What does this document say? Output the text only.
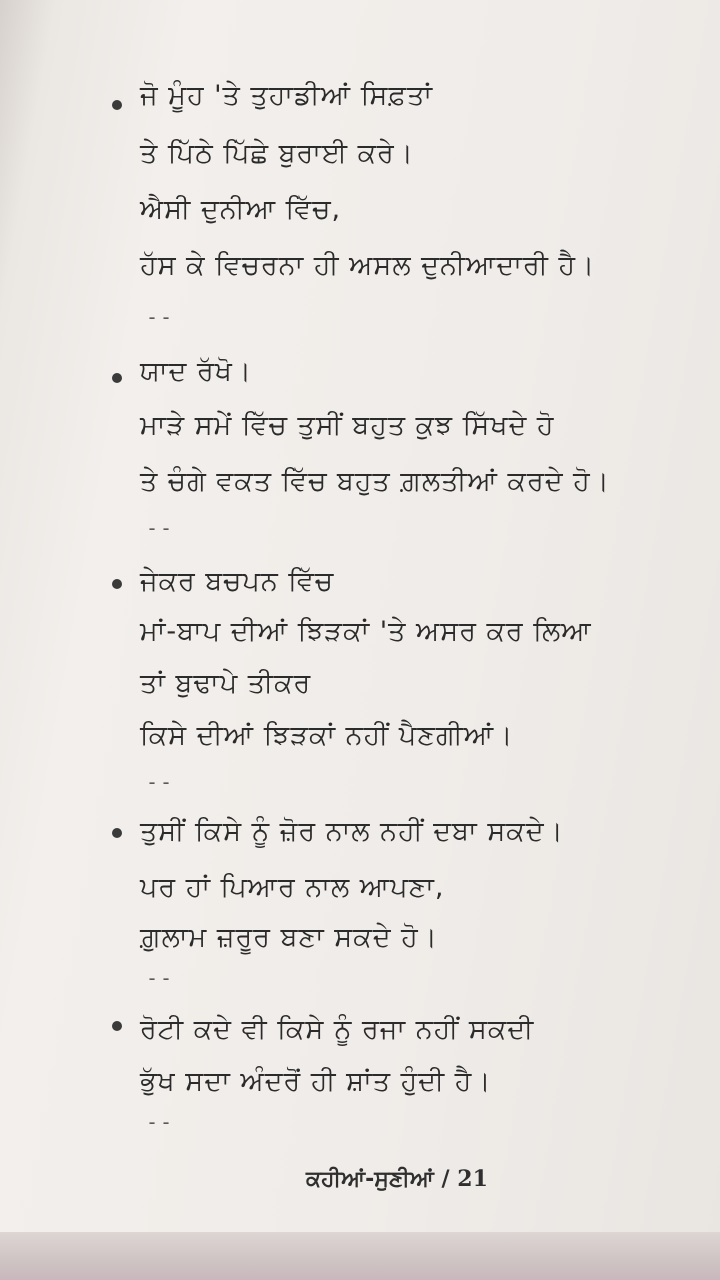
ਜੋ ਮੂੰਹ 'ਤੇ ਤੁਹਾਡੀਆਂ ਸਿਫ਼ਤਾਂ
ਤੇ ਪਿੱਠੇ ਪਿੱਛੇ ਬੁਰਾਈ ਕਰੇ।
ਐਸੀ ਦੁਨੀਆ ਵਿੱਚ,
ਹੱਸ ਕੇ ਵਿਚਰਨਾ ਹੀ ਅਸਲ ਦੁਨੀਆਦਾਰੀ ਹੈ।
--
ਯਾਦ ਰੱਖੋ।
ਮਾੜੇ ਸਮੇਂ ਵਿੱਚ ਤੁਸੀਂ ਬਹੁਤ ਕੁਝ ਸਿੱਖਦੇ ਹੋ
ਤੇ ਚੰਗੇ ਵਕਤ ਵਿੱਚ ਬਹੁਤ ਗ਼ਲਤੀਆਂ ਕਰਦੇ ਹੋ।
--
ਜੇਕਰ ਬਚਪਨ ਵਿੱਚ
ਮਾਂ-ਬਾਪ ਦੀਆਂ ਝਿੜਕਾਂ 'ਤੇ ਅਸਰ ਕਰ ਲਿਆ
ਤਾਂ ਬੁਢਾਪੇ ਤੀਕਰ
ਕਿਸੇ ਦੀਆਂ ਝਿੜਕਾਂ ਨਹੀਂ ਪੈਣਗੀਆਂ।
--
ਤੁਸੀਂ ਕਿਸੇ ਨੂੰ ਜ਼ੋਰ ਨਾਲ ਨਹੀਂ ਦਬਾ ਸਕਦੇ।
ਪਰ ਹਾਂ ਪਿਆਰ ਨਾਲ ਆਪਣਾ,
ਗ਼ੁਲਾਮ ਜ਼ਰੂਰ ਬਣਾ ਸਕਦੇ ਹੋ।
--
ਰੋਟੀ ਕਦੇ ਵੀ ਕਿਸੇ ਨੂੰ ਰਜਾ ਨਹੀਂ ਸਕਦੀ
ਭੁੱਖ ਸਦਾ ਅੰਦਰੋਂ ਹੀ ਸ਼ਾਂਤ ਹੁੰਦੀ ਹੈ।
--
ਕਹੀਆਂ-ਸੁਣੀਆਂ / 21
